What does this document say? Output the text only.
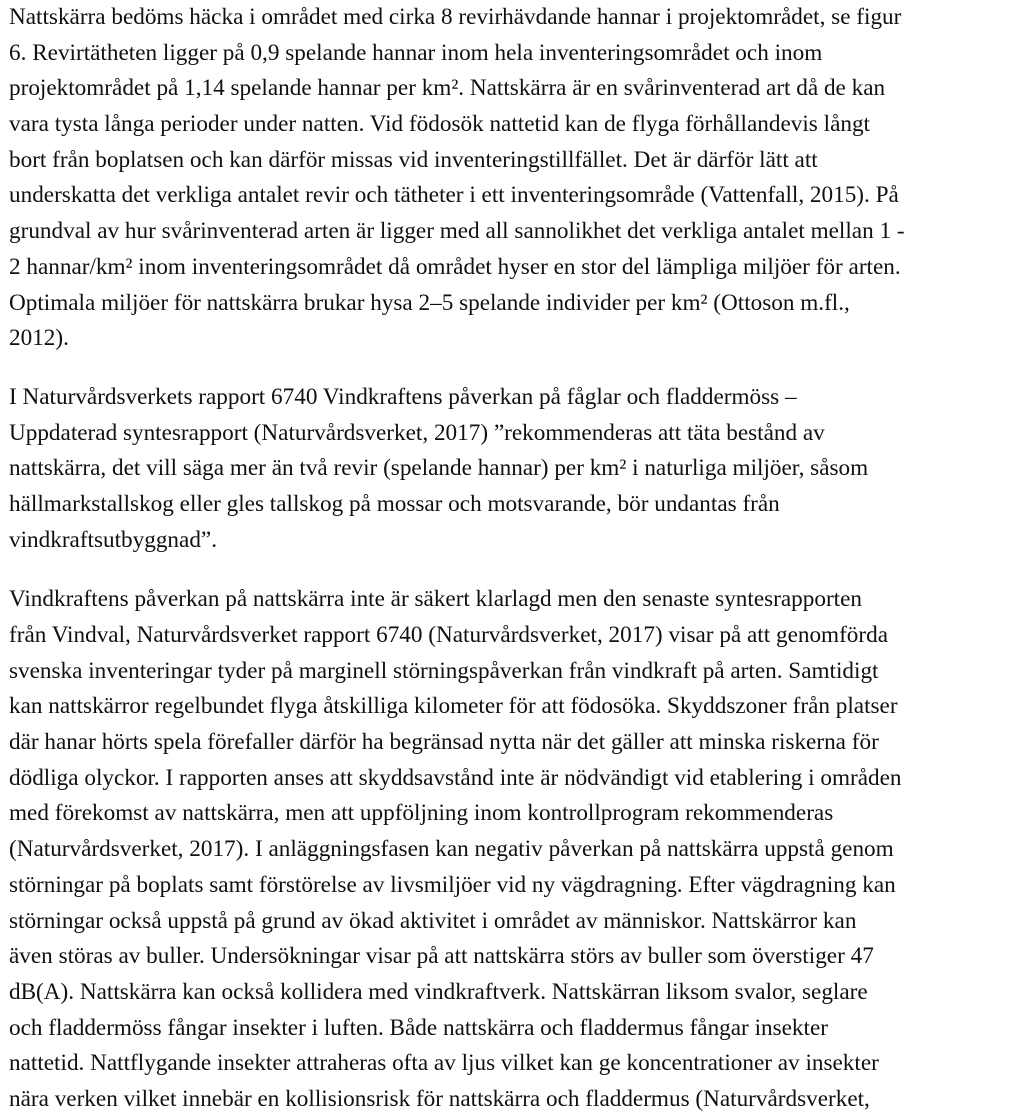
Nattskärra bedöms häcka i området med cirka 8 revirhävdande hannar i projektområdet, se figur
6. Revirtätheten ligger på 0,9 spelande hannar inom hela inventeringsområdet och inom
projektområdet på 1,14 spelande hannar per km². Nattskärra är en svårinventerad art då de kan
vara tysta långa perioder under natten. Vid födosök nattetid kan de flyga förhållandevis långt
bort från boplatsen och kan därför missas vid inventeringstillfället. Det är därför lätt att
underskatta det verkliga antalet revir och tätheter i ett inventeringsområde (Vattenfall, 2015). På
grundval av hur svårinventerad arten är ligger med all sannolikhet det verkliga antalet mellan 1 -
2 hannar/km² inom inventeringsområdet då området hyser en stor del lämpliga miljöer för arten.
Optimala miljöer för nattskärra brukar hysa 2–5 spelande individer per km² (Ottoson m.fl.,
2012).
I Naturvårdsverkets rapport 6740 Vindkraftens påverkan på fåglar och fladdermöss –
Uppdaterad syntesrapport (Naturvårdsverket, 2017) ”rekommenderas att täta bestånd av
nattskärra, det vill säga mer än två revir (spelande hannar) per km² i naturliga miljöer, såsom
hällmarkstallskog eller gles tallskog på mossar och motsvarande, bör undantas från
vindkraftsutbyggnad”.
Vindkraftens påverkan på nattskärra inte är säkert klarlagd men den senaste syntesrapporten
från Vindval, Naturvårdsverket rapport 6740 (Naturvårdsverket, 2017) visar på att genomförda
svenska inventeringar tyder på marginell störningspåverkan från vindkraft på arten. Samtidigt
kan nattskärror regelbundet flyga åtskilliga kilometer för att födosöka. Skyddszoner från platser
där hanar hörts spela förefaller därför ha begränsad nytta när det gäller att minska riskerna för
dödliga olyckor. I rapporten anses att skyddsavstånd inte är nödvändigt vid etablering i områden
med förekomst av nattskärra, men att uppföljning inom kontrollprogram rekommenderas
(Naturvårdsverket, 2017). I anläggningsfasen kan negativ påverkan på nattskärra uppstå genom
störningar på boplats samt förstörelse av livsmiljöer vid ny vägdragning. Efter vägdragning kan
störningar också uppstå på grund av ökad aktivitet i området av människor. Nattskärror kan
även störas av buller. Undersökningar visar på att nattskärra störs av buller som överstiger 47
dB(A). Nattskärra kan också kollidera med vindkraftverk. Nattskärran liksom svalor, seglare
och fladdermöss fångar insekter i luften. Både nattskärra och fladdermus fångar insekter
nattetid. Nattflygande insekter attraheras ofta av ljus vilket kan ge koncentrationer av insekter
nära verken vilket innebär en kollisionsrisk för nattskärra och fladdermus (Naturvårdsverket,
